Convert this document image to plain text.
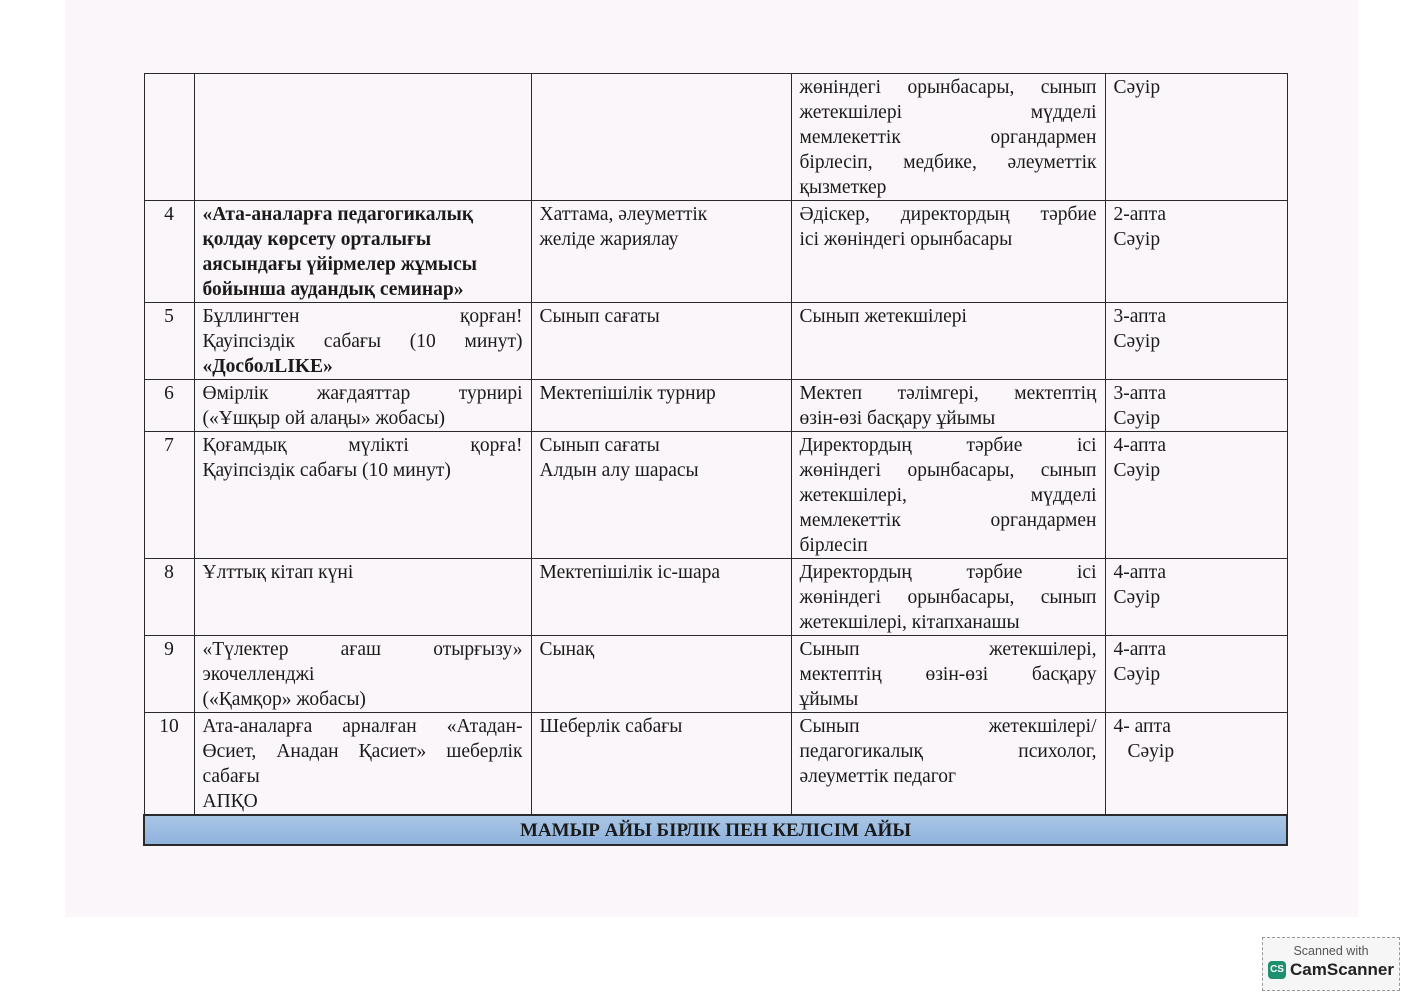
			жөніндегі орынбасары, сынып
жетекшілері мүдделі
мемлекеттік органдармен
бірлесіп, медбике, әлеуметтік
қызметкер	Сәуір

4	«Ата-аналарға педагогикалық
қолдау көрсету орталығы
аясындағы үйірмелер жұмысы
бойынша аудандық семинар»	Хаттама, әлеуметтік
желіде жариялау	Әдіскер, директордың тәрбие
ісі жөніндегі орынбасары	2-апта
Сәуір

5	Бұллингтен қорған!
Қауіпсіздік сабағы (10 минут)
«ДосболLIKE»	Сынып сағаты	Сынып жетекшілері	3-апта
Сәуір

6	Өмірлік жағдаяттар турнирі
(«Ұшқыр ой алаңы» жобасы)	Мектепішілік турнир	Мектеп тәлімгері, мектептің
өзін-өзі басқару ұйымы	3-апта
Сәуір

7	Қоғамдық мүлікті қорға!
Қауіпсіздік сабағы (10 минут)	Сынып сағаты
Алдын алу шарасы	Директордың тәрбие ісі
жөніндегі орынбасары, сынып
жетекшілері, мүдделі
мемлекеттік органдармен
бірлесіп	4-апта
Сәуір

8	Ұлттық кітап күні	Мектепішілік іс-шара	Директордың тәрбие ісі
жөніндегі орынбасары, сынып
жетекшілері, кітапханашы	4-апта
Сәуір

9	«Түлектер ағаш отырғызу»
экочелленджі
(«Қамқор» жобасы)	Сынақ	Сынып жетекшілері,
мектептің өзін-өзі басқару
ұйымы	4-апта
Сәуір

10	Ата-аналарға арналған «Атадан-
Өсиет, Анадан Қасиет» шеберлік
сабағы
АПҚО	Шеберлік сабағы	Сынып жетекшілері/
педагогикалық психолог,
әлеуметтік педагог	4- апта
Сәуір

МАМЫР АЙЫ БІРЛІК ПЕН КЕЛІСІМ АЙЫ				
Scanned with
CS CamScanner
